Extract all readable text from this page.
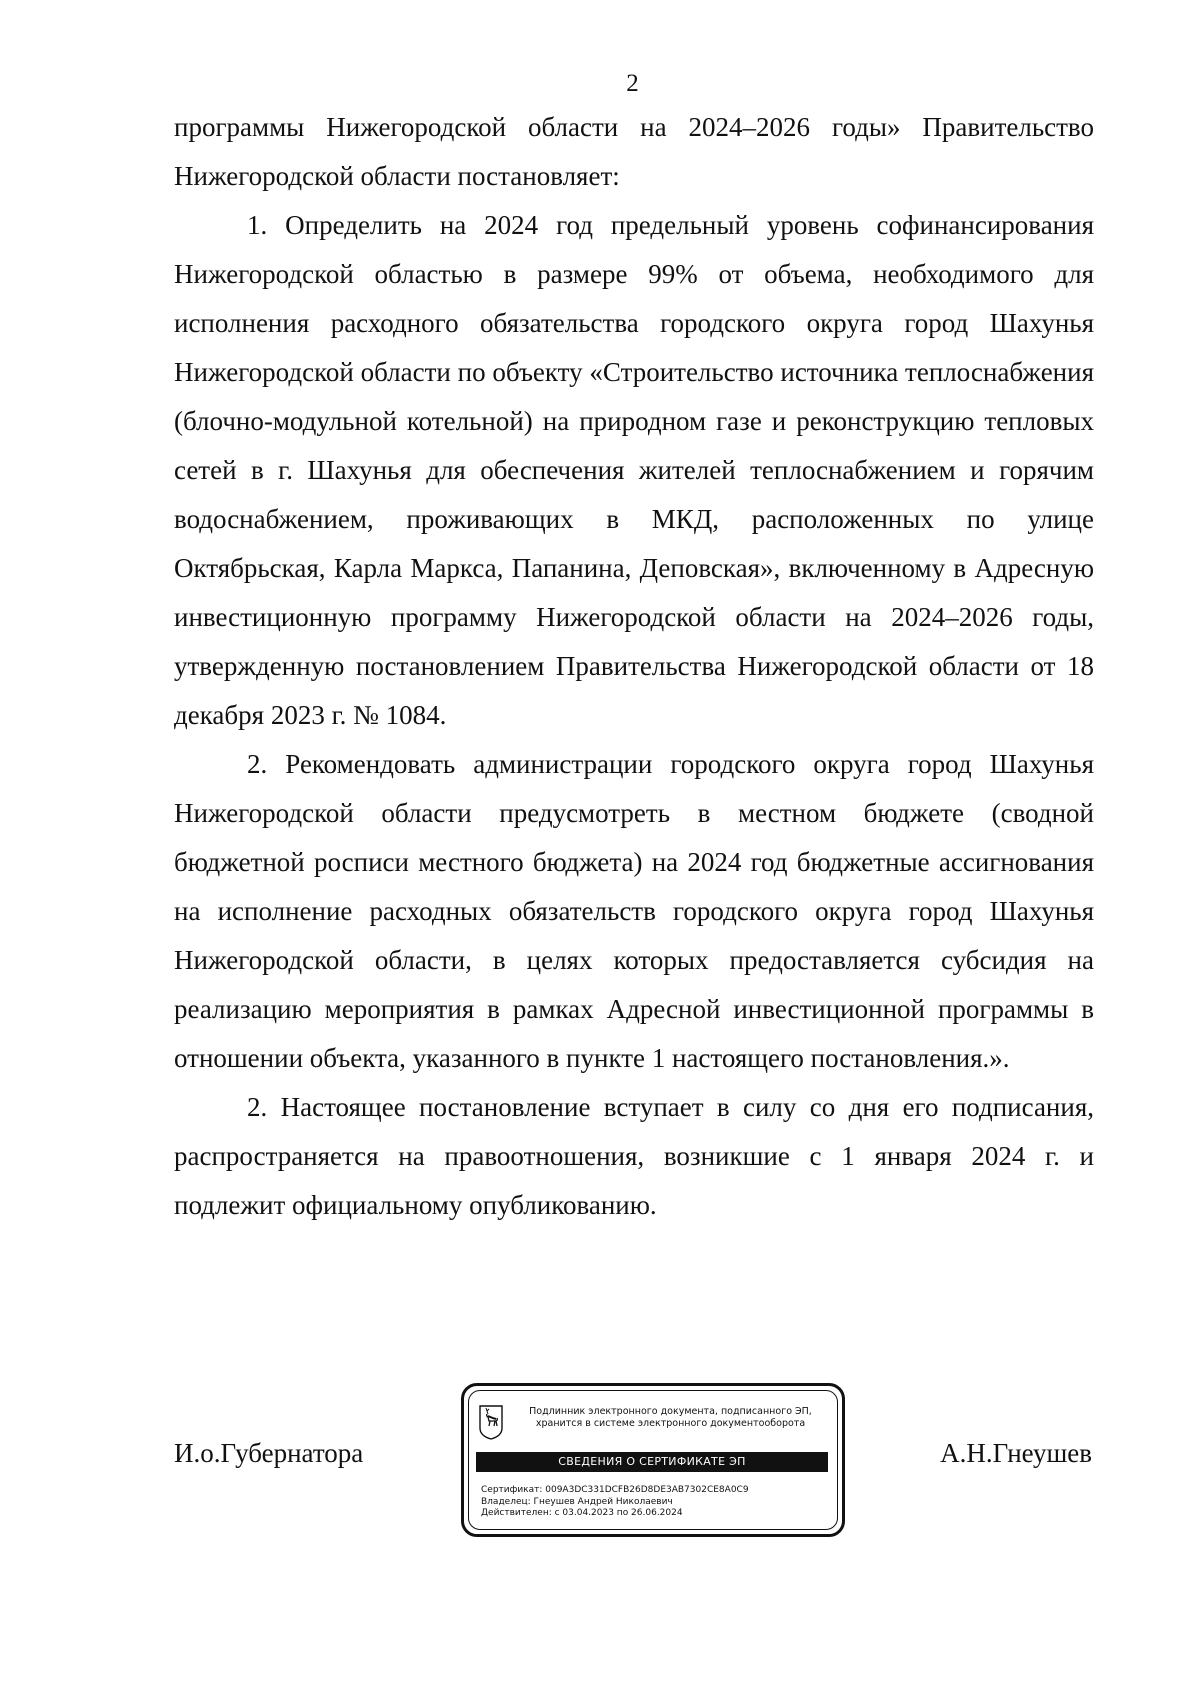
2

программы Нижегородской области на 2024–2026 годы» Правительство Нижегородской области постановляет:

1. Определить на 2024 год предельный уровень софинансирования Нижегородской областью в размере 99% от объема, необходимого для исполнения расходного обязательства городского округа город Шахунья Нижегородской области по объекту «Строительство источника теплоснабжения (блочно-модульной котельной) на природном газе и реконструкцию тепловых сетей в г. Шахунья для обеспечения жителей теплоснабжением и горячим водоснабжением, проживающих в МКД, расположенных по улице Октябрьская, Карла Маркса, Папанина, Деповская», включенному в Адресную инвестиционную программу Нижегородской области на 2024–2026 годы, утвержденную постановлением Правительства Нижегородской области от 18 декабря 2023 г. № 1084.

2. Рекомендовать администрации городского округа город Шахунья Нижегородской области предусмотреть в местном бюджете (сводной бюджетной росписи местного бюджета) на 2024 год бюджетные ассигнования на исполнение расходных обязательств городского округа город Шахунья Нижегородской области, в целях которых предоставляется субсидия на реализацию мероприятия в рамках Адресной инвестиционной программы в отношении объекта, указанного в пункте 1 настоящего постановления.».

2. Настоящее постановление вступает в силу со дня его подписания, распространяется на правоотношения, возникшие с 1 января 2024 г. и подлежит официальному опубликованию.

И.о.Губернатора
Подлинник электронного документа, подписанного ЭП,
хранится в системе электронного документооборота
СВЕДЕНИЯ О СЕРТИФИКАТЕ ЭП
Сертификат: 009A3DC331DCFB26D8DE3AB7302CE8A0C9
Владелец: Гнеушев Андрей Николаевич
Действителен: с 03.04.2023 по 26.06.2024
А.Н.Гнеушев
